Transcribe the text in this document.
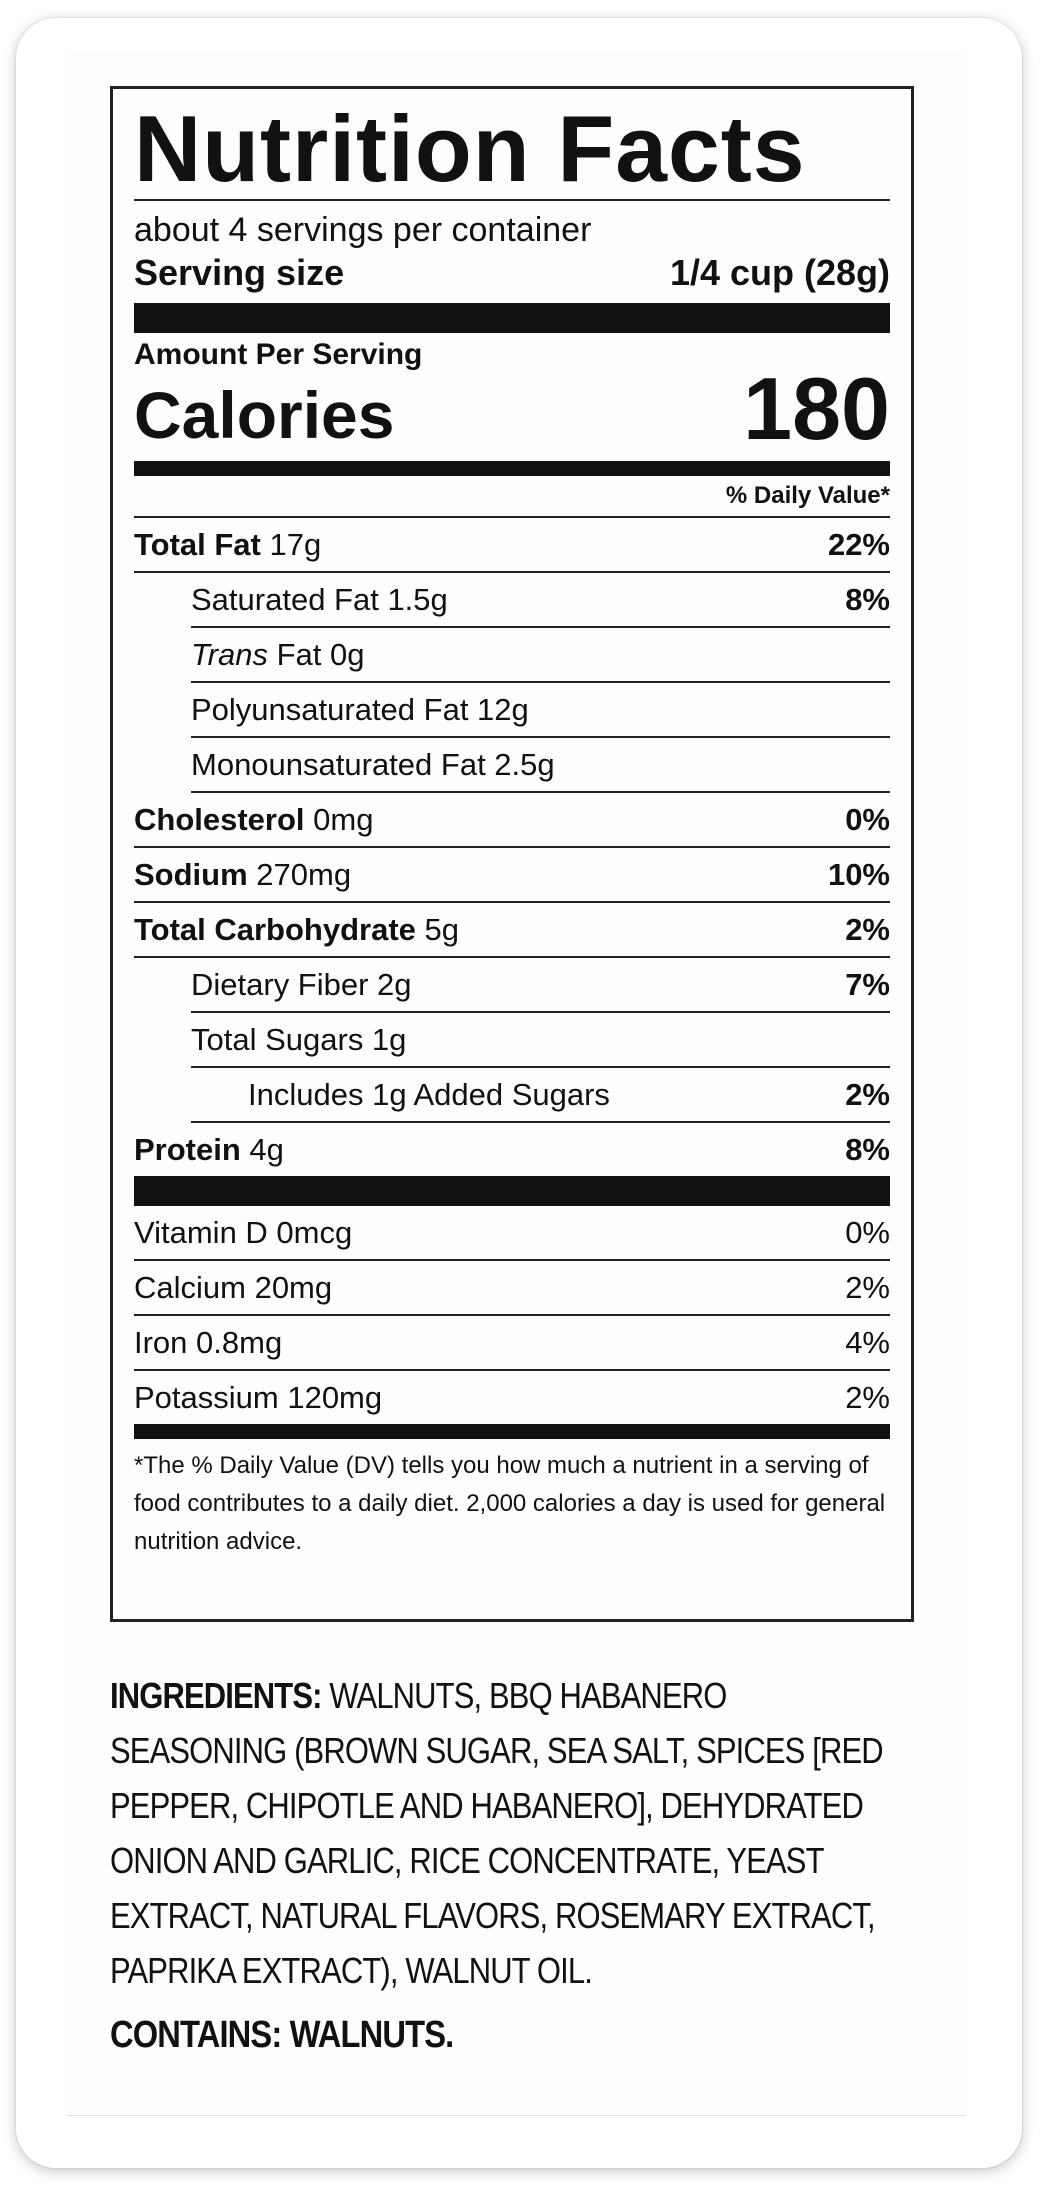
Nutrition Facts
about 4 servings per container
Serving size	1/4 cup (28g)
Amount Per Serving
Calories	180
% Daily Value*
Total Fat 17g	22%
Saturated Fat 1.5g	8%
Trans Fat 0g
Polyunsaturated Fat 12g
Monounsaturated Fat 2.5g
Cholesterol 0mg	0%
Sodium 270mg	10%
Total Carbohydrate 5g	2%
Dietary Fiber 2g	7%
Total Sugars 1g
Includes 1g Added Sugars	2%
Protein 4g	8%
Vitamin D 0mcg	0%
Calcium 20mg	2%
Iron 0.8mg	4%
Potassium 120mg	2%
*The % Daily Value (DV) tells you how much a nutrient in a serving of food contributes to a daily diet. 2,000 calories a day is used for general nutrition advice.
INGREDIENTS: WALNUTS, BBQ HABANERO SEASONING (BROWN SUGAR, SEA SALT, SPICES [RED PEPPER, CHIPOTLE AND HABANERO], DEHYDRATED ONION AND GARLIC, RICE CONCENTRATE, YEAST EXTRACT, NATURAL FLAVORS, ROSEMARY EXTRACT, PAPRIKA EXTRACT), WALNUT OIL.
CONTAINS: WALNUTS.
